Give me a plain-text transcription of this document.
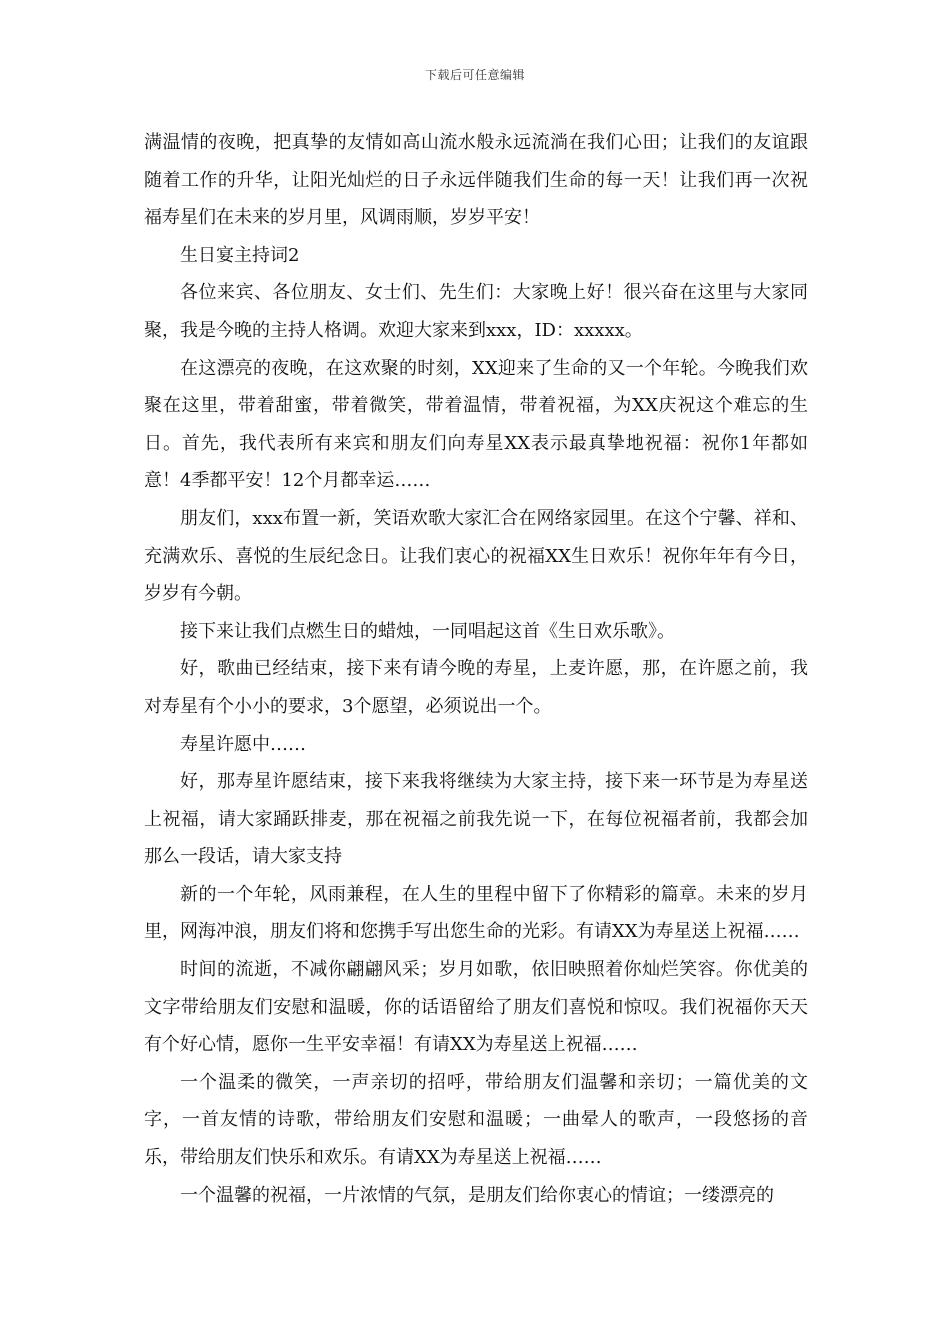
下载后可任意编辑

满温情的夜晚，把真挚的友情如高山流水般永远流淌在我们心田；让我们的友谊跟随着工作的升华，让阳光灿烂的日子永远伴随我们生命的每一天！让我们再一次祝福寿星们在未来的岁月里，风调雨顺，岁岁平安！

生日宴主持词2

各位来宾、各位朋友、女士们、先生们：大家晚上好！很兴奋在这里与大家同聚，我是今晚的主持人格调。欢迎大家来到xxx，ID：xxxxx。

在这漂亮的夜晚，在这欢聚的时刻，XX迎来了生命的又一个年轮。今晚我们欢聚在这里，带着甜蜜，带着微笑，带着温情，带着祝福，为XX庆祝这个难忘的生日。首先，我代表所有来宾和朋友们向寿星XX表示最真挚地祝福：祝你1年都如意！4季都平安！12个月都幸运……

朋友们，xxx布置一新，笑语欢歌大家汇合在网络家园里。在这个宁馨、祥和、充满欢乐、喜悦的生辰纪念日。让我们衷心的祝福XX生日欢乐！祝你年年有今日，岁岁有今朝。

接下来让我们点燃生日的蜡烛，一同唱起这首《生日欢乐歌》。

好，歌曲已经结束，接下来有请今晚的寿星，上麦许愿，那，在许愿之前，我对寿星有个小小的要求，3个愿望，必须说出一个。

寿星许愿中……

好，那寿星许愿结束，接下来我将继续为大家主持，接下来一环节是为寿星送上祝福，请大家踊跃排麦，那在祝福之前我先说一下，在每位祝福者前，我都会加那么一段话，请大家支持

新的一个年轮，风雨兼程，在人生的里程中留下了你精彩的篇章。未来的岁月里，网海冲浪，朋友们将和您携手写出您生命的光彩。有请XX为寿星送上祝福……

时间的流逝，不减你翩翩风采；岁月如歌，依旧映照着你灿烂笑容。你优美的文字带给朋友们安慰和温暖，你的话语留给了朋友们喜悦和惊叹。我们祝福你天天有个好心情，愿你一生平安幸福！有请XX为寿星送上祝福……

一个温柔的微笑，一声亲切的招呼，带给朋友们温馨和亲切；一篇优美的文字，一首友情的诗歌，带给朋友们安慰和温暖；一曲晕人的歌声，一段悠扬的音乐，带给朋友们快乐和欢乐。有请XX为寿星送上祝福……

一个温馨的祝福，一片浓情的气氛，是朋友们给你衷心的情谊；一缕漂亮的
